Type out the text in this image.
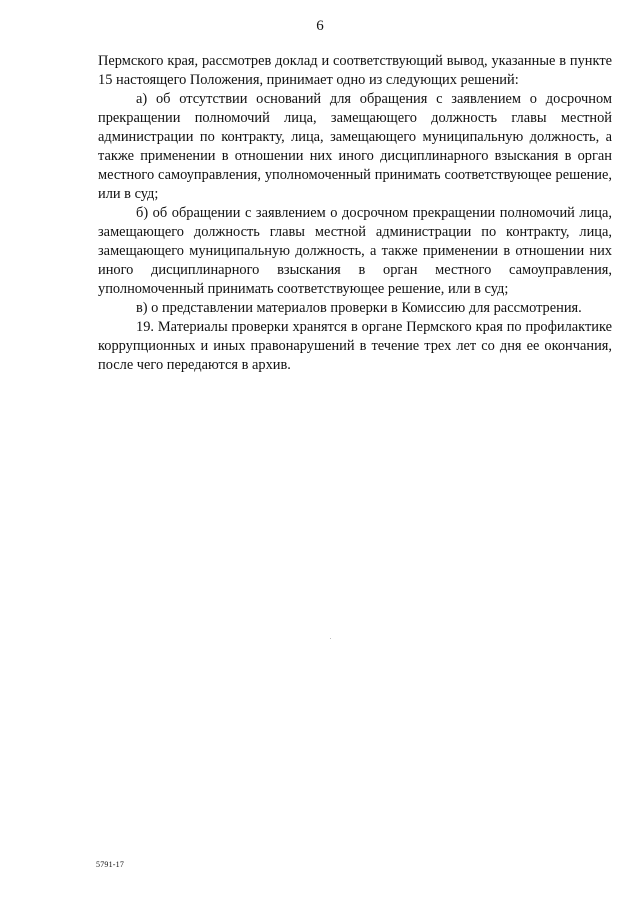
6

Пермского края, рассмотрев доклад и соответствующий вывод, указанные в пункте 15 настоящего Положения, принимает одно из следующих решений:

а) об отсутствии оснований для обращения с заявлением о досрочном прекращении полномочий лица, замещающего должность главы местной администрации по контракту, лица, замещающего муниципальную должность, а также применении в отношении них иного дисциплинарного взыскания в орган местного самоуправления, уполномоченный принимать соответствующее решение, или в суд;

б) об обращении с заявлением о досрочном прекращении полномочий лица, замещающего должность главы местной администрации по контракту, лица, замещающего муниципальную должность, а также применении в отношении них иного дисциплинарного взыскания в орган местного самоуправления, уполномоченный принимать соответствующее решение, или в суд;

в) о представлении материалов проверки в Комиссию для рассмотрения.

19. Материалы проверки хранятся в органе Пермского края по профилактике коррупционных и иных правонарушений в течение трех лет со дня ее окончания, после чего передаются в архив.

5791-17
